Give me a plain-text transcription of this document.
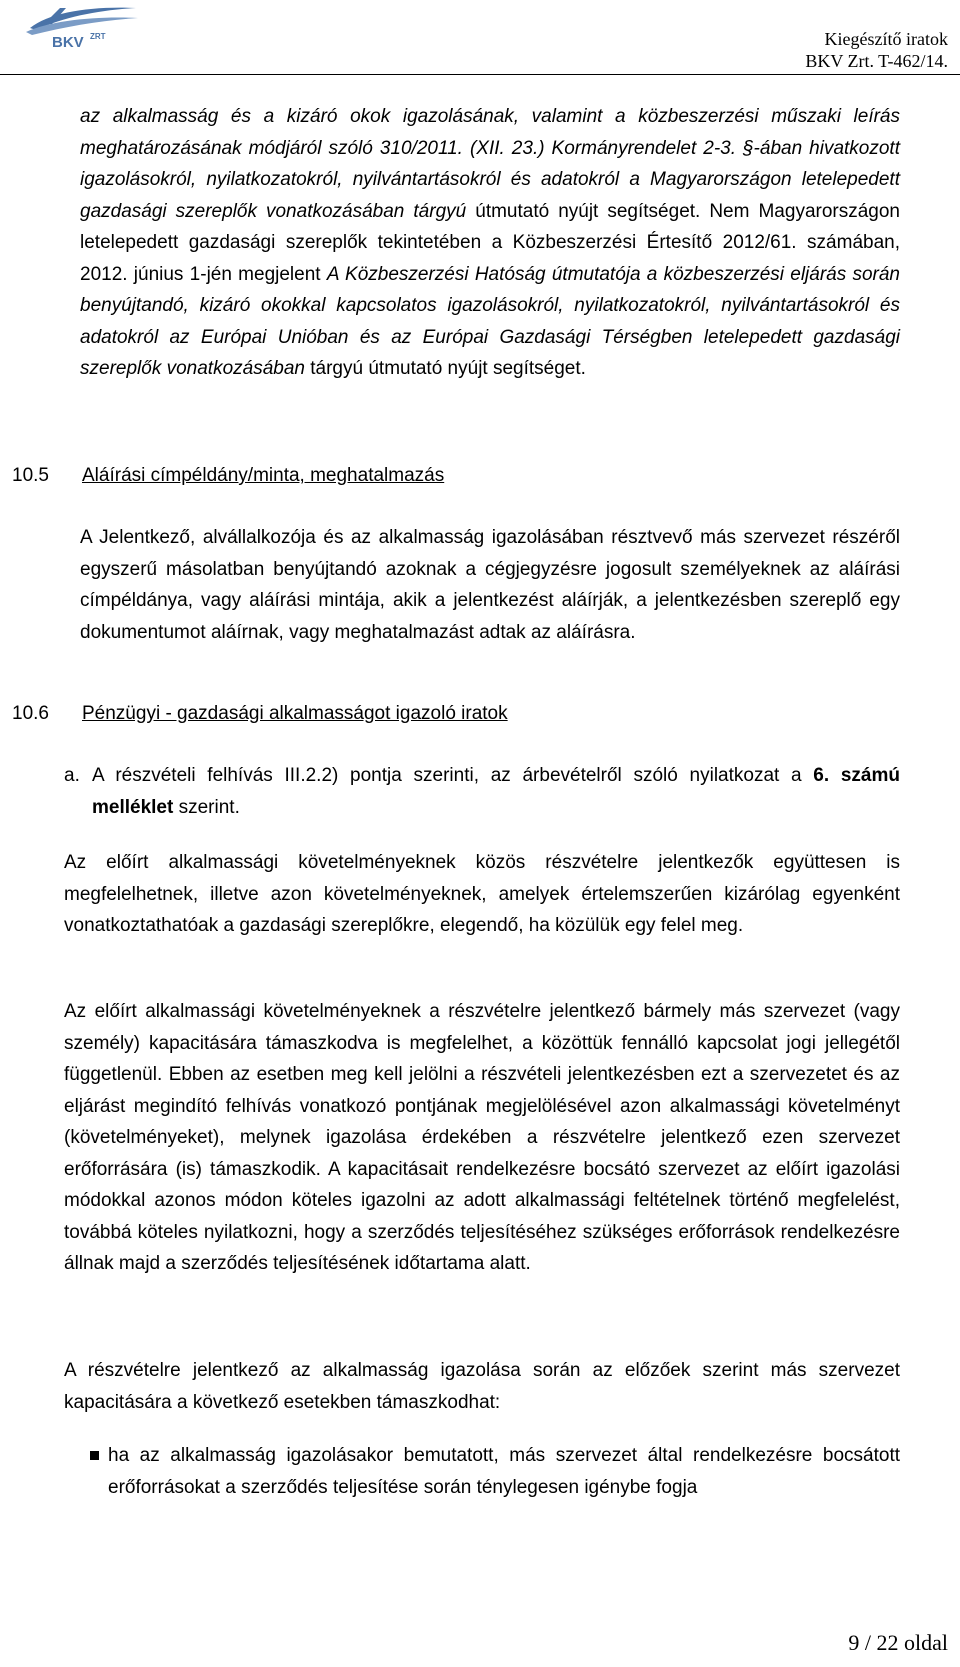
BKV ZRT	Kiegészítő iratok
BKV Zrt. T-462/14.
az alkalmasság és a kizáró okok igazolásának, valamint a közbeszerzési műszaki leírás meghatározásának módjáról szóló 310/2011. (XII. 23.) Kormányrendelet 2-3. §-ában hivatkozott igazolásokról, nyilatkozatokról, nyilvántartásokról és adatokról a Magyarországon letelepedett gazdasági szereplők vonatkozásában tárgyú útmutató nyújt segítséget. Nem Magyarországon letelepedett gazdasági szereplők tekintetében a Közbeszerzési Értesítő 2012/61. számában, 2012. június 1-jén megjelent A Közbeszerzési Hatóság útmutatója a közbeszerzési eljárás során benyújtandó, kizáró okokkal kapcsolatos igazolásokról, nyilatkozatokról, nyilvántartásokról és adatokról az Európai Unióban és az Európai Gazdasági Térségben letelepedett gazdasági szereplők vonatkozásában tárgyú útmutató nyújt segítséget.
10.5 Aláírási címpéldány/minta, meghatalmazás
A Jelentkező, alvállalkozója és az alkalmasság igazolásában résztvevő más szervezet részéről egyszerű másolatban benyújtandó azoknak a cégjegyzésre jogosult személyeknek az aláírási címpéldánya, vagy aláírási mintája, akik a jelentkezést aláírják, a jelentkezésben szereplő egy dokumentumot aláírnak, vagy meghatalmazást adtak az aláírásra.
10.6 Pénzügyi - gazdasági alkalmasságot igazoló iratok
a. A részvételi felhívás III.2.2) pontja szerinti, az árbevételről szóló nyilatkozat a 6. számú melléklet szerint.
Az előírt alkalmassági követelményeknek közös részvételre jelentkezők együttesen is megfelelhetnek, illetve azon követelményeknek, amelyek értelemszerűen kizárólag egyenként vonatkoztathatóak a gazdasági szereplőkre, elegendő, ha közülük egy felel meg.
Az előírt alkalmassági követelményeknek a részvételre jelentkező bármely más szervezet (vagy személy) kapacitására támaszkodva is megfelelhet, a közöttük fennálló kapcsolat jogi jellegétől függetlenül. Ebben az esetben meg kell jelölni a részvételi jelentkezésben ezt a szervezetet és az eljárást megindító felhívás vonatkozó pontjának megjelölésével azon alkalmassági követelményt (követelményeket), melynek igazolása érdekében a részvételre jelentkező ezen szervezet erőforrására (is) támaszkodik. A kapacitásait rendelkezésre bocsátó szervezet az előírt igazolási módokkal azonos módon köteles igazolni az adott alkalmassági feltételnek történő megfelelést, továbbá köteles nyilatkozni, hogy a szerződés teljesítéséhez szükséges erőforrások rendelkezésre állnak majd a szerződés teljesítésének időtartama alatt.
A részvételre jelentkező az alkalmasság igazolása során az előzőek szerint más szervezet kapacitására a következő esetekben támaszkodhat:
ha az alkalmasság igazolásakor bemutatott, más szervezet által rendelkezésre bocsátott erőforrásokat a szerződés teljesítése során ténylegesen igénybe fogja
9 / 22 oldal
